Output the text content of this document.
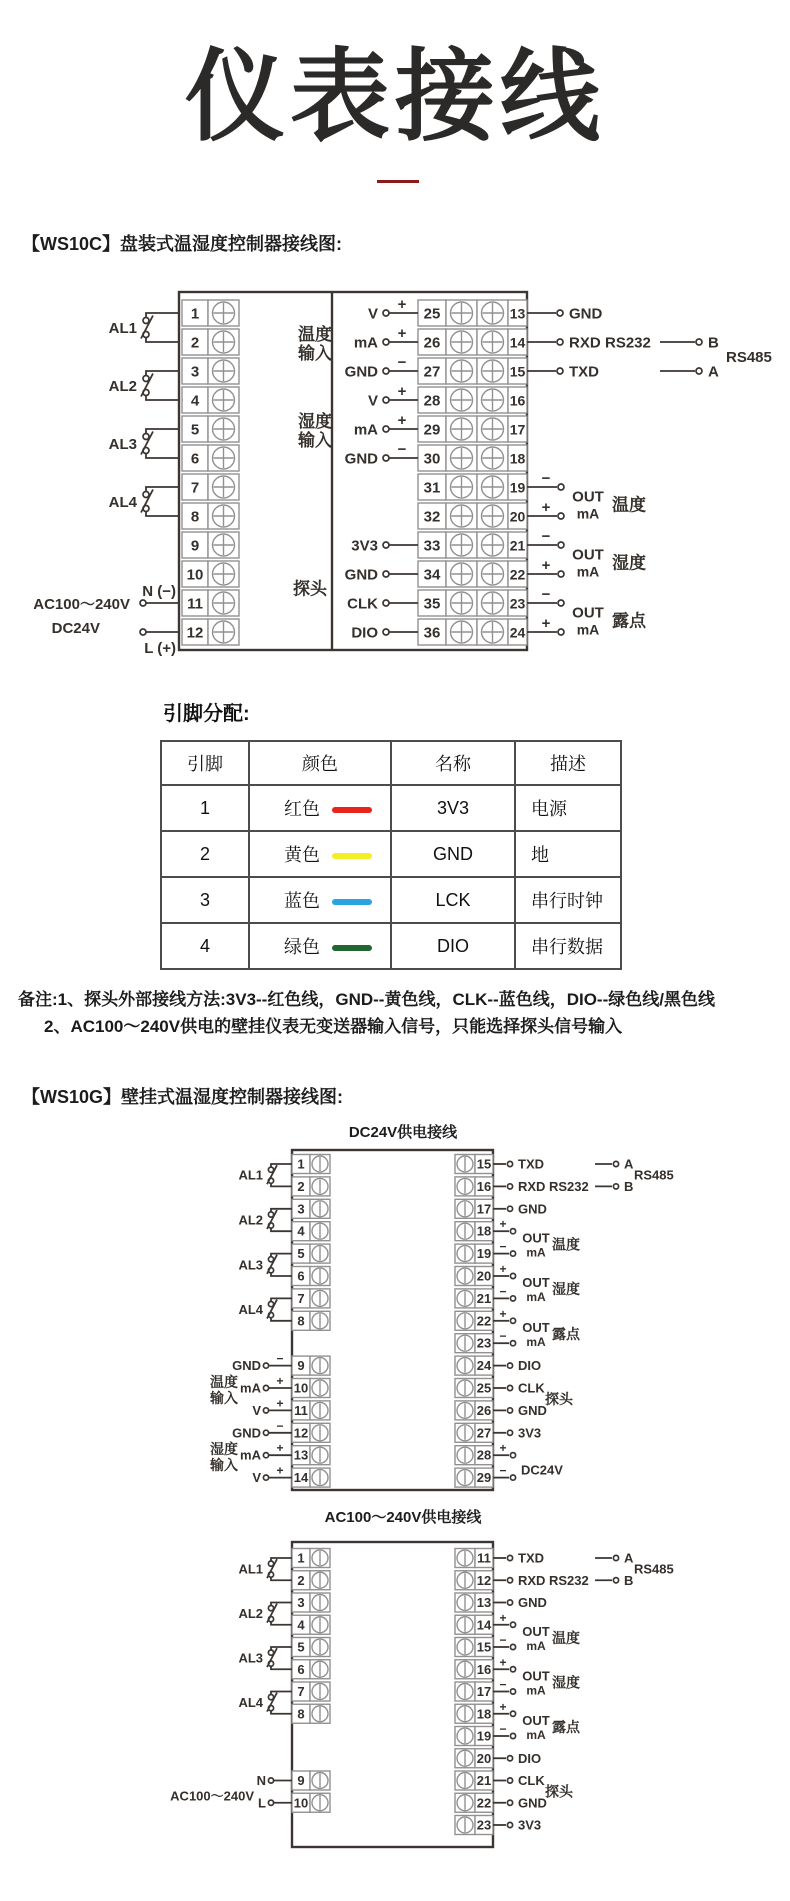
仪表接线
【WS10C】盘装式温湿度控制器接线图:
1
2
3
4
5
6
7
8
9
10
11
12
25
26
27
28
29
30
31
32
33
34
35
36
13
14
15
16
17
18
19
20
21
22
23
24
AL1
AL2
AL3
AL4
N (−)
L (+)
AC100～240V
DC24V
V
+
mA
+
GND
−
V
+
mA
+
GND
−
3V3
GND
CLK
DIO
温度
输入
湿度
输入
探头
GND
RXD
TXD
RS232	B
A
RS485
−
+
OUT
mA 温度
−
+
OUT
mA 湿度
−
+
OUT
mA 露点
引脚分配:
引脚	颜色	名称	描述
1	红色	3V3	电源
2	黄色	GND	地
3	蓝色	LCK	串行时钟
4	绿色	DIO	串行数据
备注:1、探头外部接线方法:3V3--红色线，GND--黄色线，CLK--蓝色线，DIO--绿色线/黑色线
2、AC100～240V供电的壁挂仪表无变送器输入信号，只能选择探头信号输入
【WS10G】壁挂式温湿度控制器接线图:
DC24V供电接线
1
2
3
4
5
6
7
8
9
10
11
12
13
14
15
16
17
18
19
20
21
22
23
24
25
26
27
28
29
AL1
AL2
AL3
AL4
GND −
mA +
V +
GND −
mA +
V +
温度
输入
湿度
输入
TXD
RXD
GND
RS232
A
B
RS485
+
−
OUT
mA 温度
+
−
OUT
mA 湿度
+
−
OUT
mA 露点
DIO
CLK
GND
3V3
探头
+
− DC24V
AC100～240V供电接线
1
2
3
4
5
6
7
8
9
10
11
12
13
14
15
16
17
18
19
20
21
22
23
AL1
AL2
AL3
AL4
N
L
AC100～240V
TXD
RXD
GND
RS232
A
B
RS485
+
−
OUT
mA 温度
+
−
OUT
mA 湿度
+
−
OUT
mA 露点
DIO
CLK
GND
3V3
探头
